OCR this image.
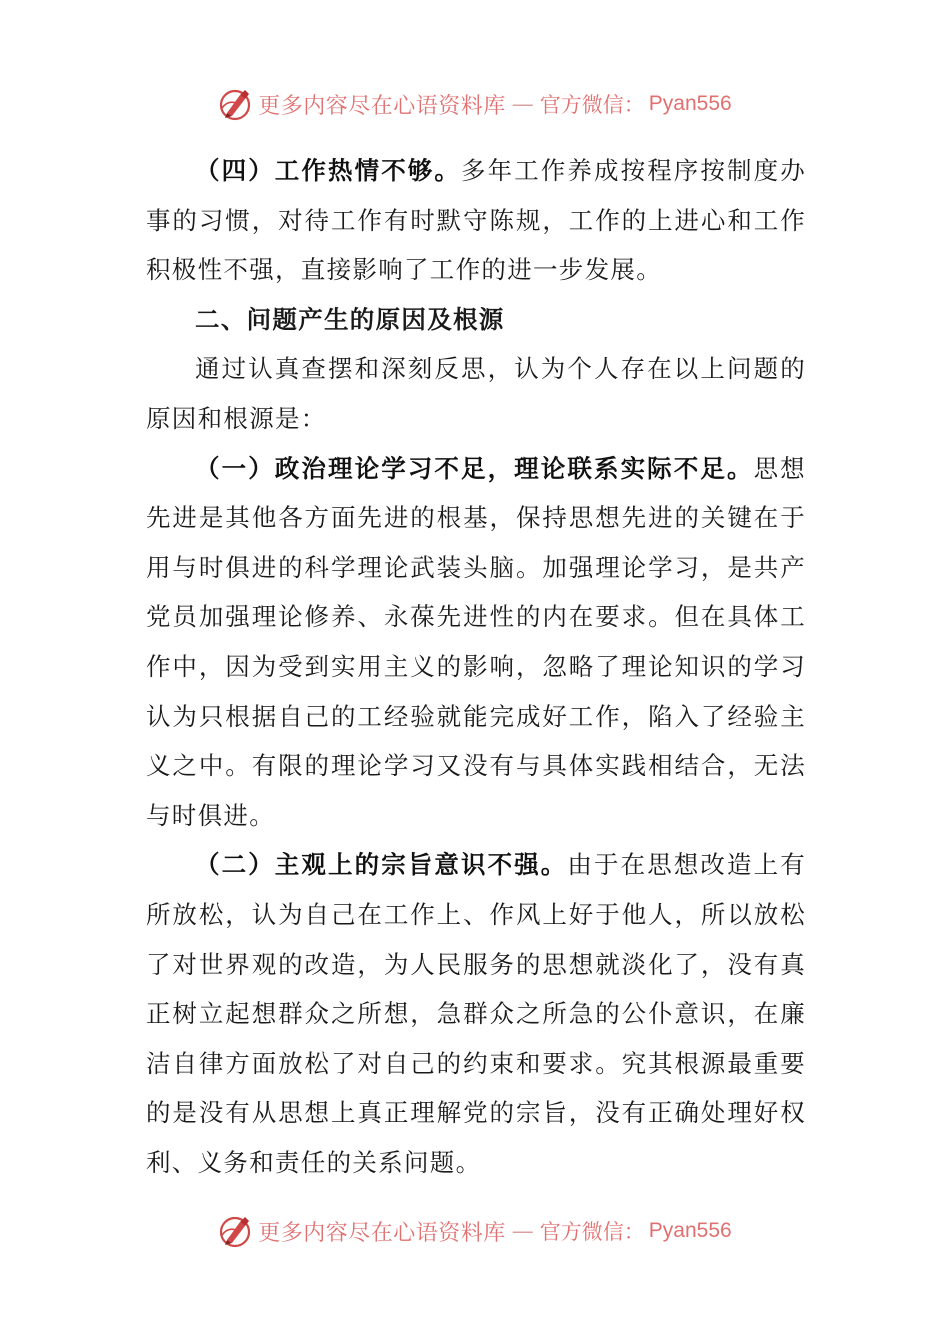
更多内容尽在心语资料库 — 官方微信： Pyan556

（四）工作热情不够。多年工作养成按程序按制度办事的习惯，对待工作有时默守陈规，工作的上进心和工作积极性不强，直接影响了工作的进一步发展。

二、问题产生的原因及根源

通过认真查摆和深刻反思，认为个人存在以上问题的原因和根源是：

（一）政治理论学习不足，理论联系实际不足。思想先进是其他各方面先进的根基，保持思想先进的关键在于用与时俱进的科学理论武装头脑。加强理论学习，是共产党员加强理论修养、永葆先进性的内在要求。但在具体工作中，因为受到实用主义的影响，忽略了理论知识的学习认为只根据自己的工经验就能完成好工作，陷入了经验主义之中。有限的理论学习又没有与具体实践相结合，无法与时俱进。

（二）主观上的宗旨意识不强。由于在思想改造上有所放松，认为自己在工作上、作风上好于他人，所以放松了对世界观的改造，为人民服务的思想就淡化了，没有真正树立起想群众之所想，急群众之所急的公仆意识，在廉洁自律方面放松了对自己的约束和要求。究其根源最重要的是没有从思想上真正理解党的宗旨，没有正确处理好权利、义务和责任的关系问题。

更多内容尽在心语资料库 — 官方微信： Pyan556
